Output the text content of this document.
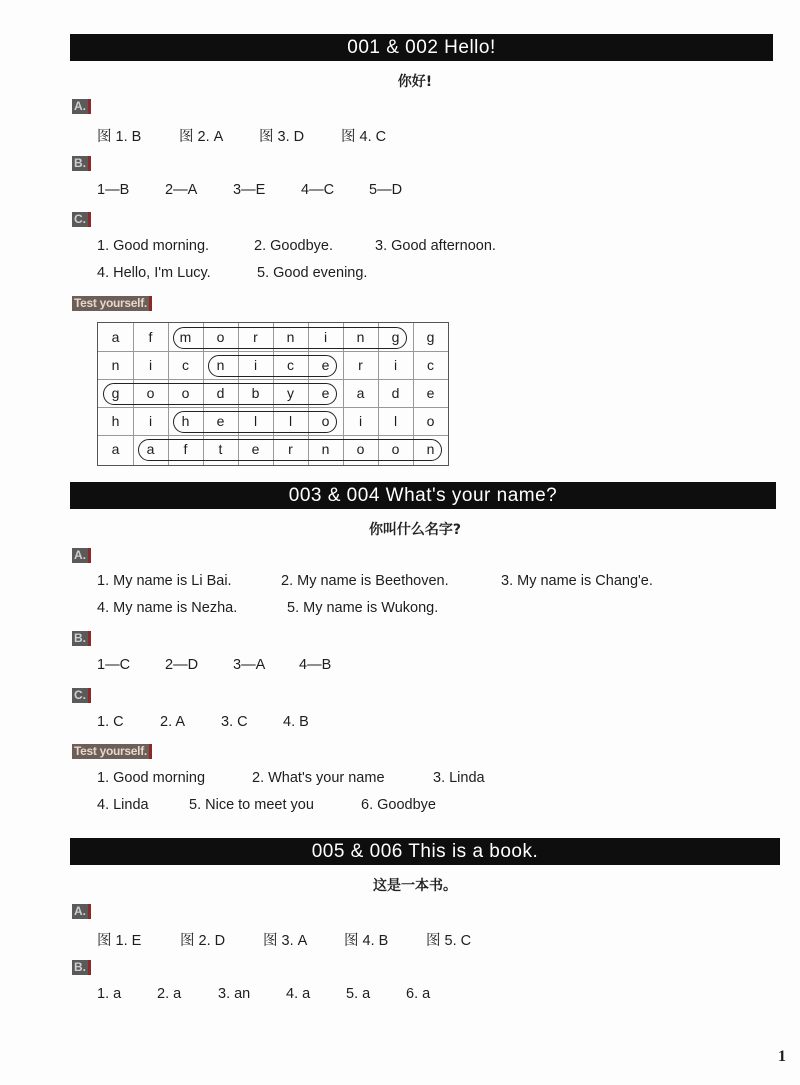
001 & 002 Hello!
你好!
A.
图 1. B	图 2. A 图 3. D	图 4. C
B.
1—B 2—A 3—E 4—C 5—D
C.
1. Good morning.	2. Goodbye.	3. Good afternoon.
4. Hello, I'm Lucy.	5. Good evening.
Test yourself.
a	f	m	o	r	n	i	n	g	g
n	i	c	n	i	c	e	r	i	c
g	o	o	d	b	y	e	a	d	e
h	i	h	e	l	l	o	i	l	o
a	a	f	t	e	r	n	o	o	n
003 & 004 What's your name?
你叫什么名字?
A.
1. My name is Li Bai.	2. My name is Beethoven.	3. My name is Chang'e.
4. My name is Nezha.	5. My name is Wukong.
B.
1—C 2—D 3—A 4—B
C.
1. C	2. A 3. C 4. B
Test yourself.
1. Good morning	2. What's your name	3. Linda
4. Linda	5. Nice to meet you	6. Goodbye
005 & 006 This is a book.
这是一本书。
A.
图 1. E	图 2. D	图 3. A	图 4. B	图 5. C
B.
1. a 2. a	3. an 4. a 5. a 6. a
1
